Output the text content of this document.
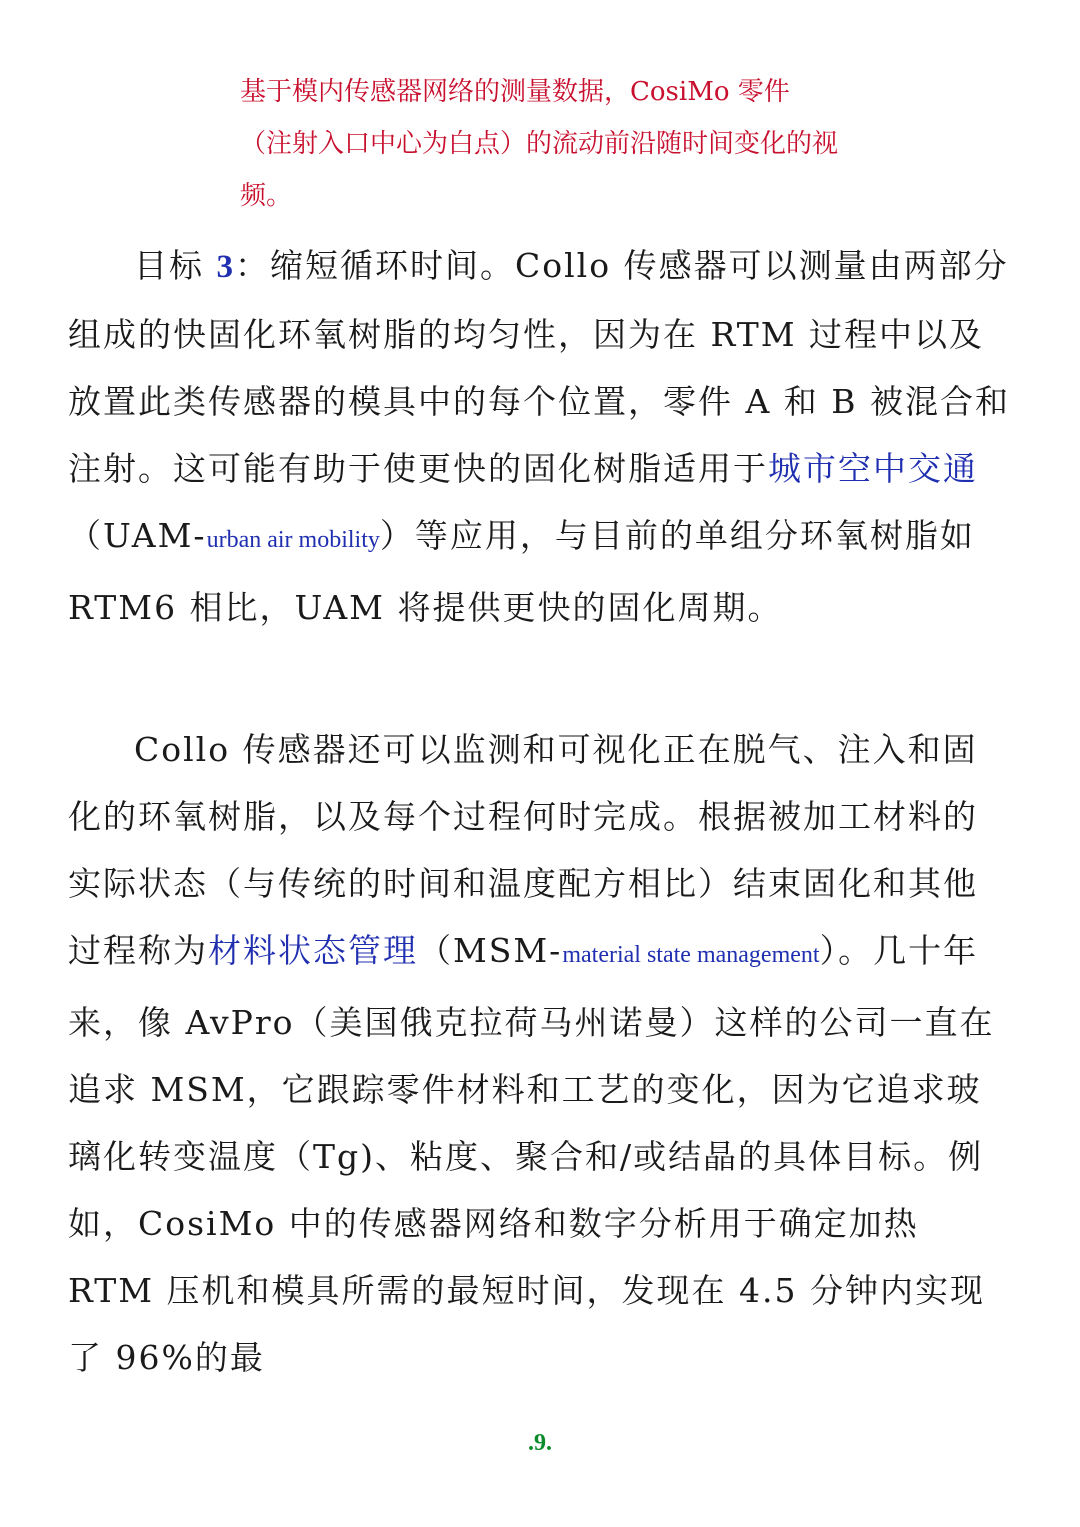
基于模内传感器网络的测量数据，CosiMo 零件（注射入口中心为白点）的流动前沿随时间变化的视频。

目标 3：缩短循环时间。Collo 传感器可以测量由两部分组成的快固化环氧树脂的均匀性，因为在 RTM 过程中以及放置此类传感器的模具中的每个位置，零件 A 和 B 被混合和注射。这可能有助于使更快的固化树脂适用于城市空中交通（UAM-urban air mobility）等应用，与目前的单组分环氧树脂如 RTM6 相比，UAM 将提供更快的固化周期。

Collo 传感器还可以监测和可视化正在脱气、注入和固化的环氧树脂，以及每个过程何时完成。根据被加工材料的实际状态（与传统的时间和温度配方相比）结束固化和其他过程称为材料状态管理（MSM-material state management）。几十年来，像 AvPro（美国俄克拉荷马州诺曼）这样的公司一直在追求 MSM，它跟踪零件材料和工艺的变化，因为它追求玻璃化转变温度（Tg)、粘度、聚合和/或结晶的具体目标。例如，CosiMo 中的传感器网络和数字分析用于确定加热 RTM 压机和模具所需的最短时间，发现在 4.5 分钟内实现了 96%的最

.9.
